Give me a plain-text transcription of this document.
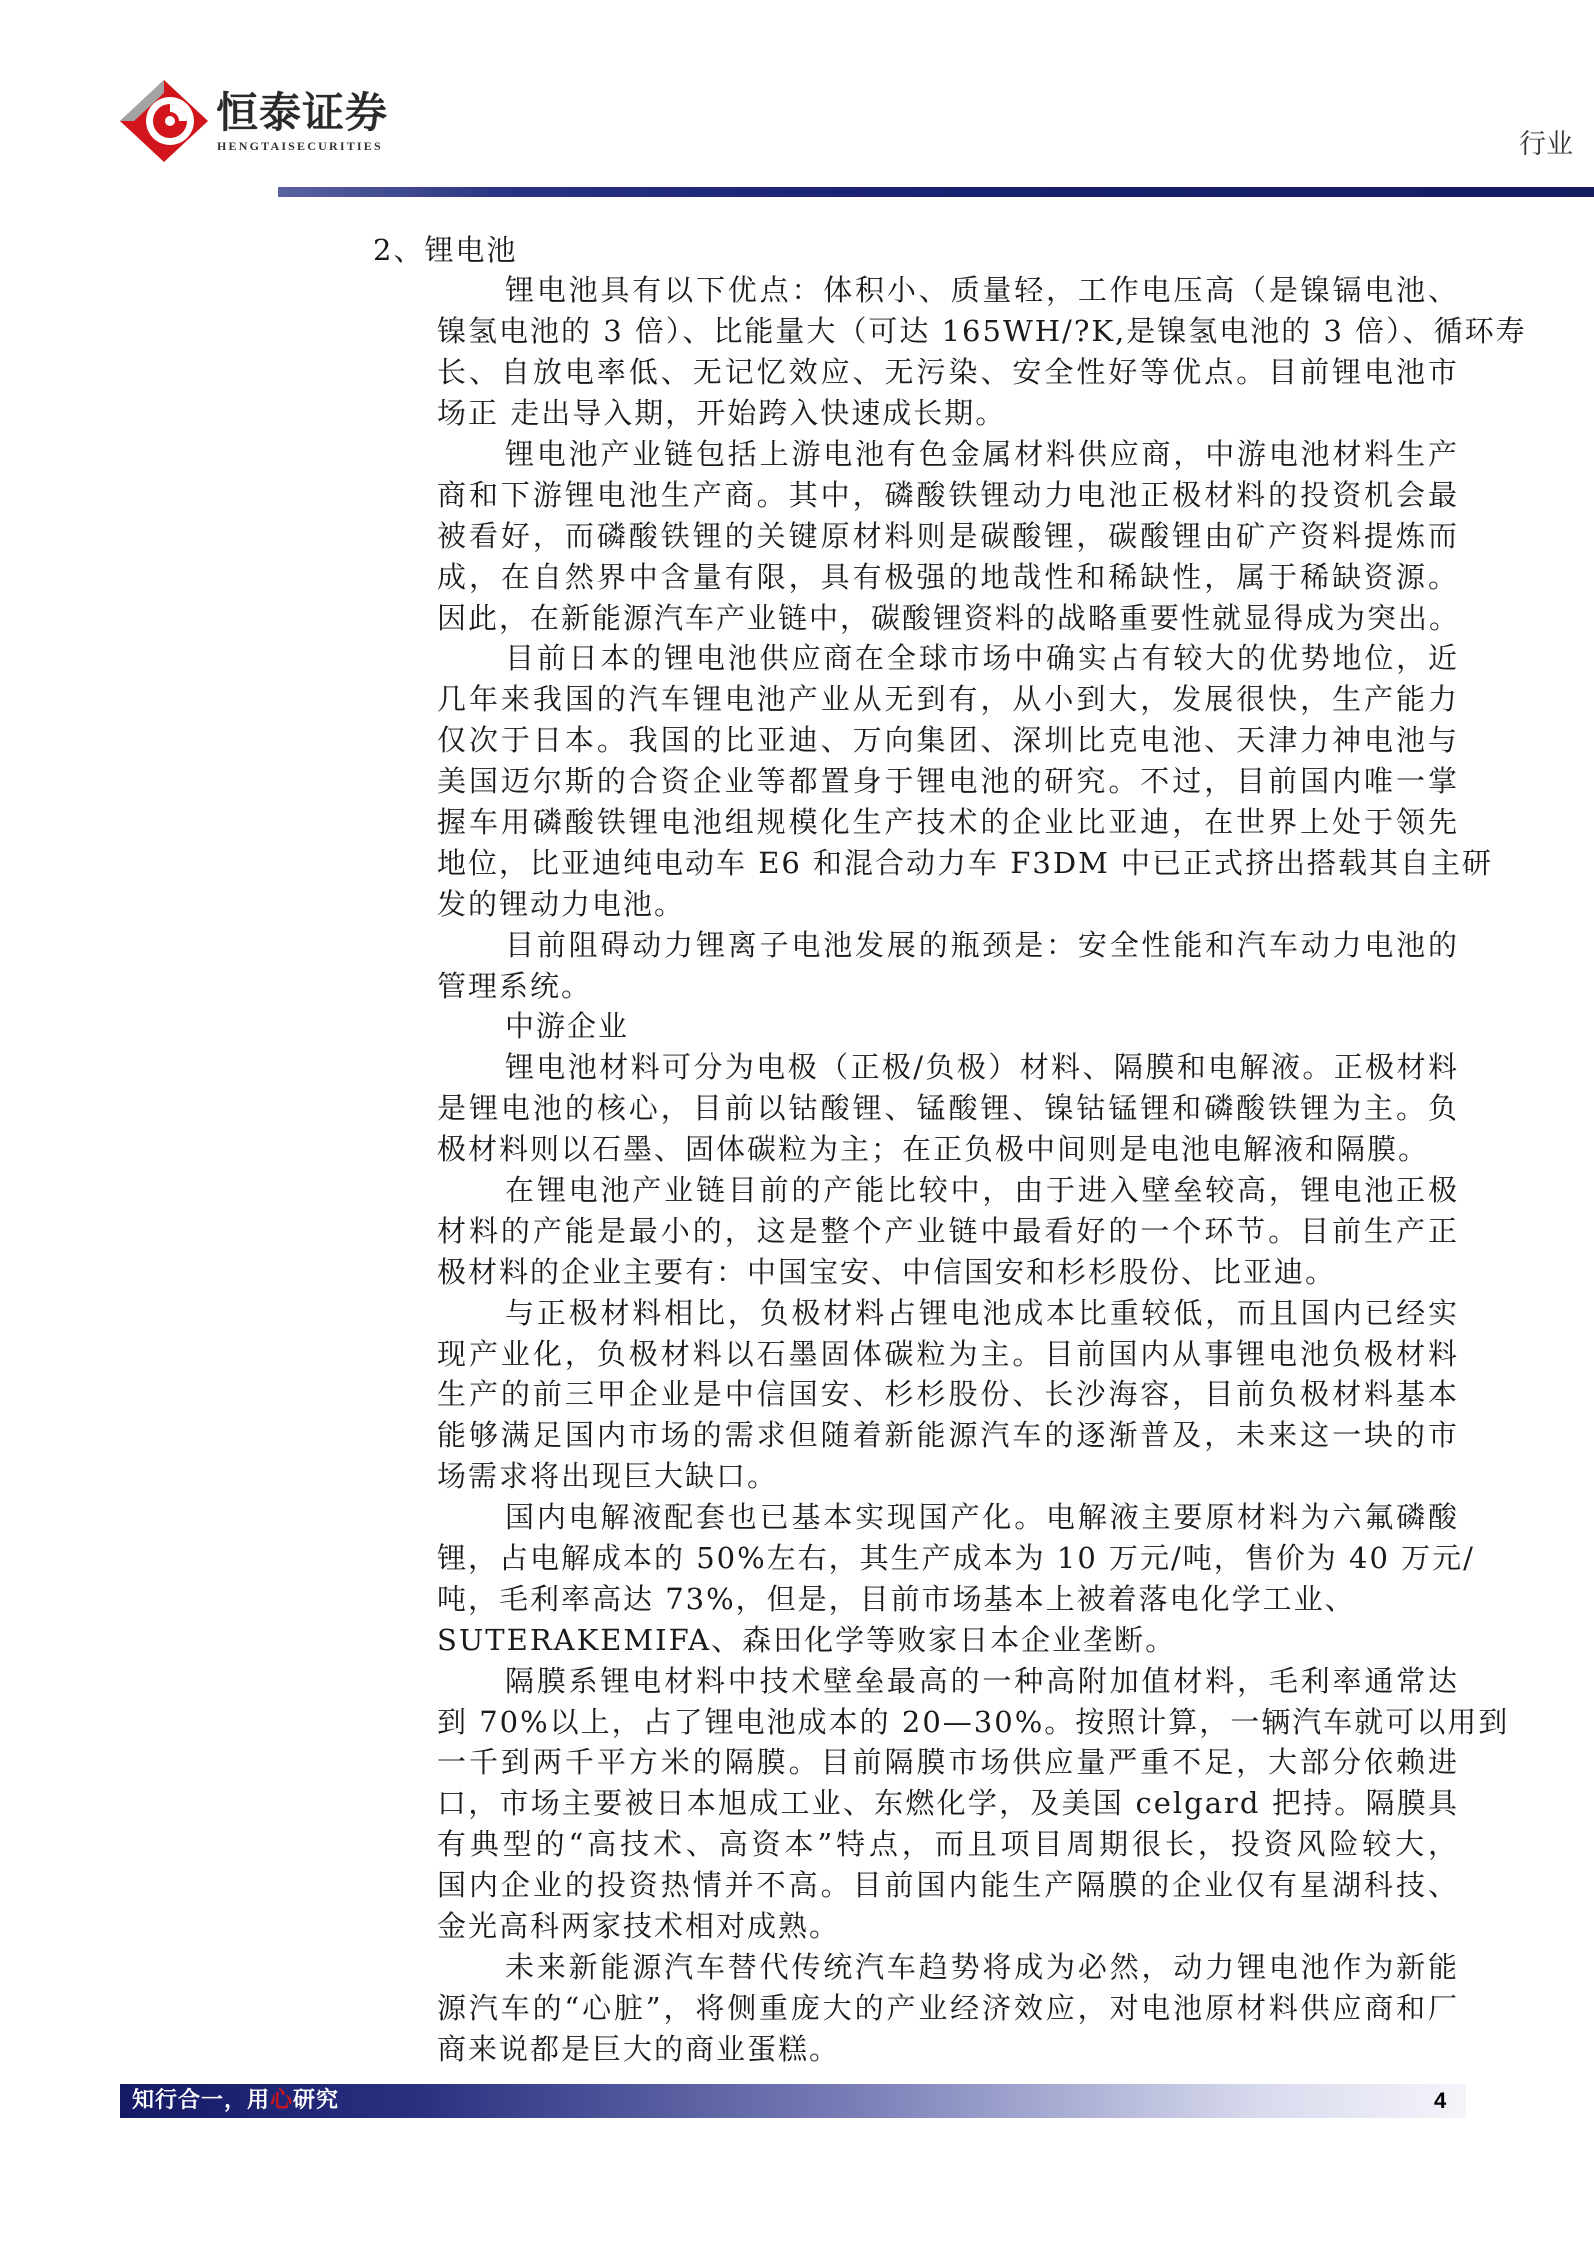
恒泰证券
HENGTAISECURITIES	行业
2、锂电池
锂电池具有以下优点：体积小、质量轻，工作电压高（是镍镉电池、
镍氢电池的 3 倍）、比能量大（可达 165WH/?K,是镍氢电池的 3 倍）、循环寿
长、自放电率低、无记忆效应、无污染、安全性好等优点。目前锂电池市
场正 走出导入期，开始跨入快速成长期。
锂电池产业链包括上游电池有色金属材料供应商，中游电池材料生产
商和下游锂电池生产商。其中，磷酸铁锂动力电池正极材料的投资机会最
被看好，而磷酸铁锂的关键原材料则是碳酸锂，碳酸锂由矿产资料提炼而
成，在自然界中含量有限，具有极强的地哉性和稀缺性，属于稀缺资源。
因此，在新能源汽车产业链中，碳酸锂资料的战略重要性就显得成为突出。
目前日本的锂电池供应商在全球市场中确实占有较大的优势地位，近
几年来我国的汽车锂电池产业从无到有，从小到大，发展很快，生产能力
仅次于日本。我国的比亚迪、万向集团、深圳比克电池、天津力神电池与
美国迈尔斯的合资企业等都置身于锂电池的研究。不过，目前国内唯一掌
握车用磷酸铁锂电池组规模化生产技术的企业比亚迪，在世界上处于领先
地位，比亚迪纯电动车 E6 和混合动力车 F3DM 中已正式挤出搭载其自主研
发的锂动力电池。
目前阻碍动力锂离子电池发展的瓶颈是：安全性能和汽车动力电池的
管理系统。
中游企业
锂电池材料可分为电极（正极/负极）材料、隔膜和电解液。正极材料
是锂电池的核心，目前以钴酸锂、锰酸锂、镍钴锰锂和磷酸铁锂为主。负
极材料则以石墨、固体碳粒为主；在正负极中间则是电池电解液和隔膜。
在锂电池产业链目前的产能比较中，由于进入壁垒较高，锂电池正极
材料的产能是最小的，这是整个产业链中最看好的一个环节。目前生产正
极材料的企业主要有：中国宝安、中信国安和杉杉股份、比亚迪。
与正极材料相比，负极材料占锂电池成本比重较低，而且国内已经实
现产业化，负极材料以石墨固体碳粒为主。目前国内从事锂电池负极材料
生产的前三甲企业是中信国安、杉杉股份、长沙海容，目前负极材料基本
能够满足国内市场的需求但随着新能源汽车的逐渐普及，未来这一块的市
场需求将出现巨大缺口。
国内电解液配套也已基本实现国产化。电解液主要原材料为六氟磷酸
锂，占电解成本的 50%左右，其生产成本为 10 万元/吨，售价为 40 万元/
吨，毛利率高达 73%，但是，目前市场基本上被着落电化学工业、
SUTERAKEMIFA、森田化学等败家日本企业垄断。
隔膜系锂电材料中技术壁垒最高的一种高附加值材料，毛利率通常达
到 70%以上，占了锂电池成本的 20—30%。按照计算，一辆汽车就可以用到
一千到两千平方米的隔膜。目前隔膜市场供应量严重不足，大部分依赖进
口，市场主要被日本旭成工业、东燃化学，及美国 celgard 把持。隔膜具
有典型的“高技术、高资本”特点，而且项目周期很长，投资风险较大，
国内企业的投资热情并不高。目前国内能生产隔膜的企业仅有星湖科技、
金光高科两家技术相对成熟。
未来新能源汽车替代传统汽车趋势将成为必然，动力锂电池作为新能
源汽车的“心脏”，将侧重庞大的产业经济效应，对电池原材料供应商和厂
商来说都是巨大的商业蛋糕。
知行合一，用心研究	4
